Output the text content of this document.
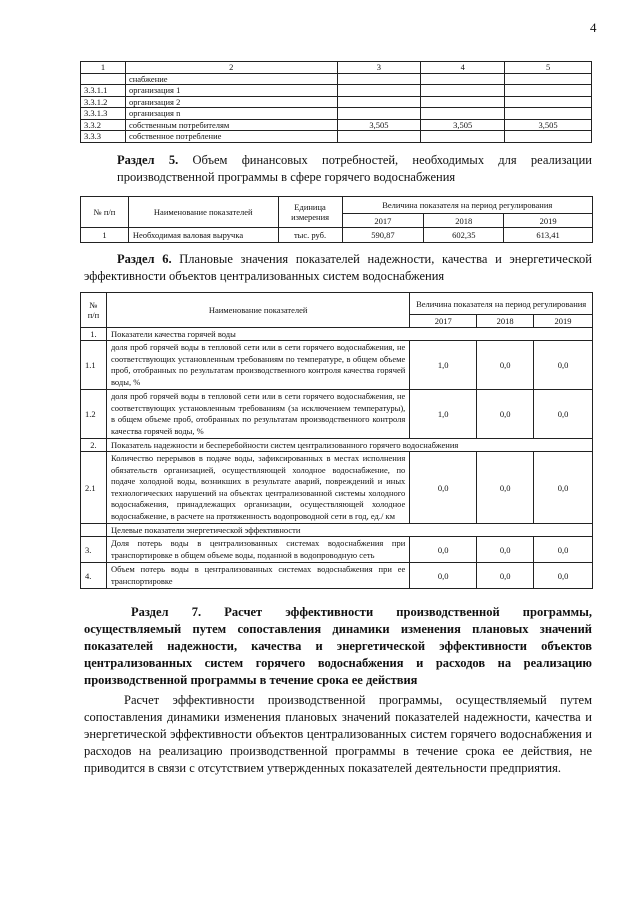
4
1	2	3	4	5
	снабжение			
3.3.1.1	организация 1			
3.3.1.2	организация 2			
3.3.1.3	организация n			
3.3.2	собственным потребителям	3,505	3,505	3,505
3.3.3	собственное потребление			
Раздел 5. Объем финансовых потребностей, необходимых для реализации производственной программы в сфере горячего водоснабжения
№ п/п	Наименование показателей	Единица измерения	Величина показателя на период регулирования		
			2017	2018	2019
1	Необходимая валовая выручка	тыс. руб.	590,87	602,35	613,41
Раздел 6. Плановые значения показателей надежности, качества и энергетической эффективности объектов централизованных систем водоснабжения
№ п/п	Наименование показателей	Величина показателя на период регулирования		
		2017	2018	2019
1.	Показатели качества горячей воды			
1.1	доля проб горячей воды в тепловой сети или в сети горячего водоснабжения, не соответствующих установленным требованиям по температуре, в общем объеме проб, отобранных по результатам производственного контроля качества горячей воды, %	1,0	0,0	0,0
1.2	доля проб горячей воды в тепловой сети или в сети горячего водоснабжения, не соответствующих установленным требованиям (за исключением температуры), в общем объеме проб, отобранных по результатам производственного контроля качества горячей воды, %	1,0	0,0	0,0
2.	Показатель надежности и бесперебойности систем централизованного горячего водоснабжения			
2.1	Количество перерывов в подаче воды, зафиксированных в местах исполнения обязательств организацией, осуществляющей холодное водоснабжение, по подаче холодной воды, возникших в результате аварий, повреждений и иных технологических нарушений на объектах централизованной системы холодного водоснабжения, принадлежащих организации, осуществляющей холодное водоснабжение, в расчете на протяженность водопроводной сети в год, ед./ км	0,0	0,0	0,0
	Целевые показатели энергетической эффективности			
3.	Доля потерь воды в централизованных системах водоснабжения при транспортировке в общем объеме воды, поданной в водопроводную сеть	0,0	0,0	0,0
4.	Объем потерь воды в централизованных системах водоснабжения при ее транспортировке	0,0	0,0	0,0
Раздел 7. Расчет эффективности производственной программы, осуществляемый путем сопоставления динамики изменения плановых значений показателей надежности, качества и энергетической эффективности объектов централизованных систем горячего водоснабжения и расходов на реализацию производственной программы в течение срока ее действия
Расчет эффективности производственной программы, осуществляемый путем сопоставления динамики изменения плановых значений показателей надежности, качества и энергетической эффективности объектов централизованных систем горячего водоснабжения и расходов на реализацию производственной программы в течение срока ее действия, не приводится в связи с отсутствием утвержденных показателей деятельности предприятия.
